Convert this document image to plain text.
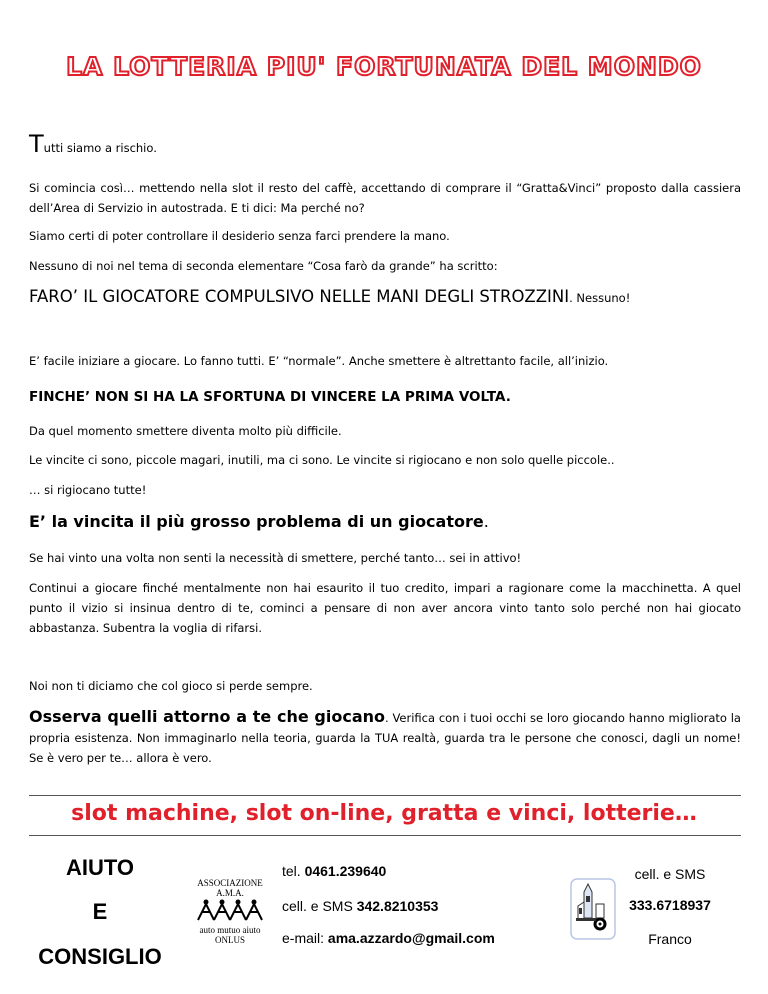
LA LOTTERIA PIU' FORTUNATA DEL MONDO
Tutti siamo a rischio.
Si comincia così… mettendo nella slot il resto del caffè, accettando di comprare il “Gratta&Vinci” proposto dalla cassiera dell’Area di Servizio in autostrada. E ti dici: Ma perché no?
Siamo certi di poter controllare il desiderio senza farci prendere la mano.
Nessuno di noi nel tema di seconda elementare “Cosa farò da grande” ha scritto:
FARO’ IL GIOCATORE COMPULSIVO NELLE MANI DEGLI STROZZINI. Nessuno!
E’ facile iniziare a giocare. Lo fanno tutti. E’ “normale”. Anche smettere è altrettanto facile, all’inizio.
FINCHE’ NON SI HA LA SFORTUNA DI VINCERE LA PRIMA VOLTA.
Da quel momento smettere diventa molto più difficile.
Le vincite ci sono, piccole magari, inutili, ma ci sono. Le vincite si rigiocano e non solo quelle piccole..
… si rigiocano tutte!
E’ la vincita il più grosso problema di un giocatore.
Se hai vinto una volta non senti la necessità di smettere, perché tanto… sei in attivo!
Continui a giocare finché mentalmente non hai esaurito il tuo credito, impari a ragionare come la macchinetta. A quel punto il vizio si insinua dentro di te, cominci a pensare di non aver ancora vinto tanto solo perché non hai giocato abbastanza. Subentra la voglia di rifarsi.
Noi non ti diciamo che col gioco si perde sempre.
Osserva quelli attorno a te che giocano. Verifica con i tuoi occhi se loro giocando hanno migliorato la propria esistenza. Non immaginarlo nella teoria, guarda la TUA realtà, guarda tra le persone che conosci, dagli un nome! Se è vero per te… allora è vero.
slot machine, slot on-line, gratta e vinci, lotterie…
AIUTO
E
CONSIGLIO
ASSOCIAZIONE
A.M.A.
auto mutuo aiuto
ONLUS
tel. 0461.239640
cell. e SMS 342.8210353
e-mail: ama.azzardo@gmail.com
cell. e SMS
333.6718937
Franco
